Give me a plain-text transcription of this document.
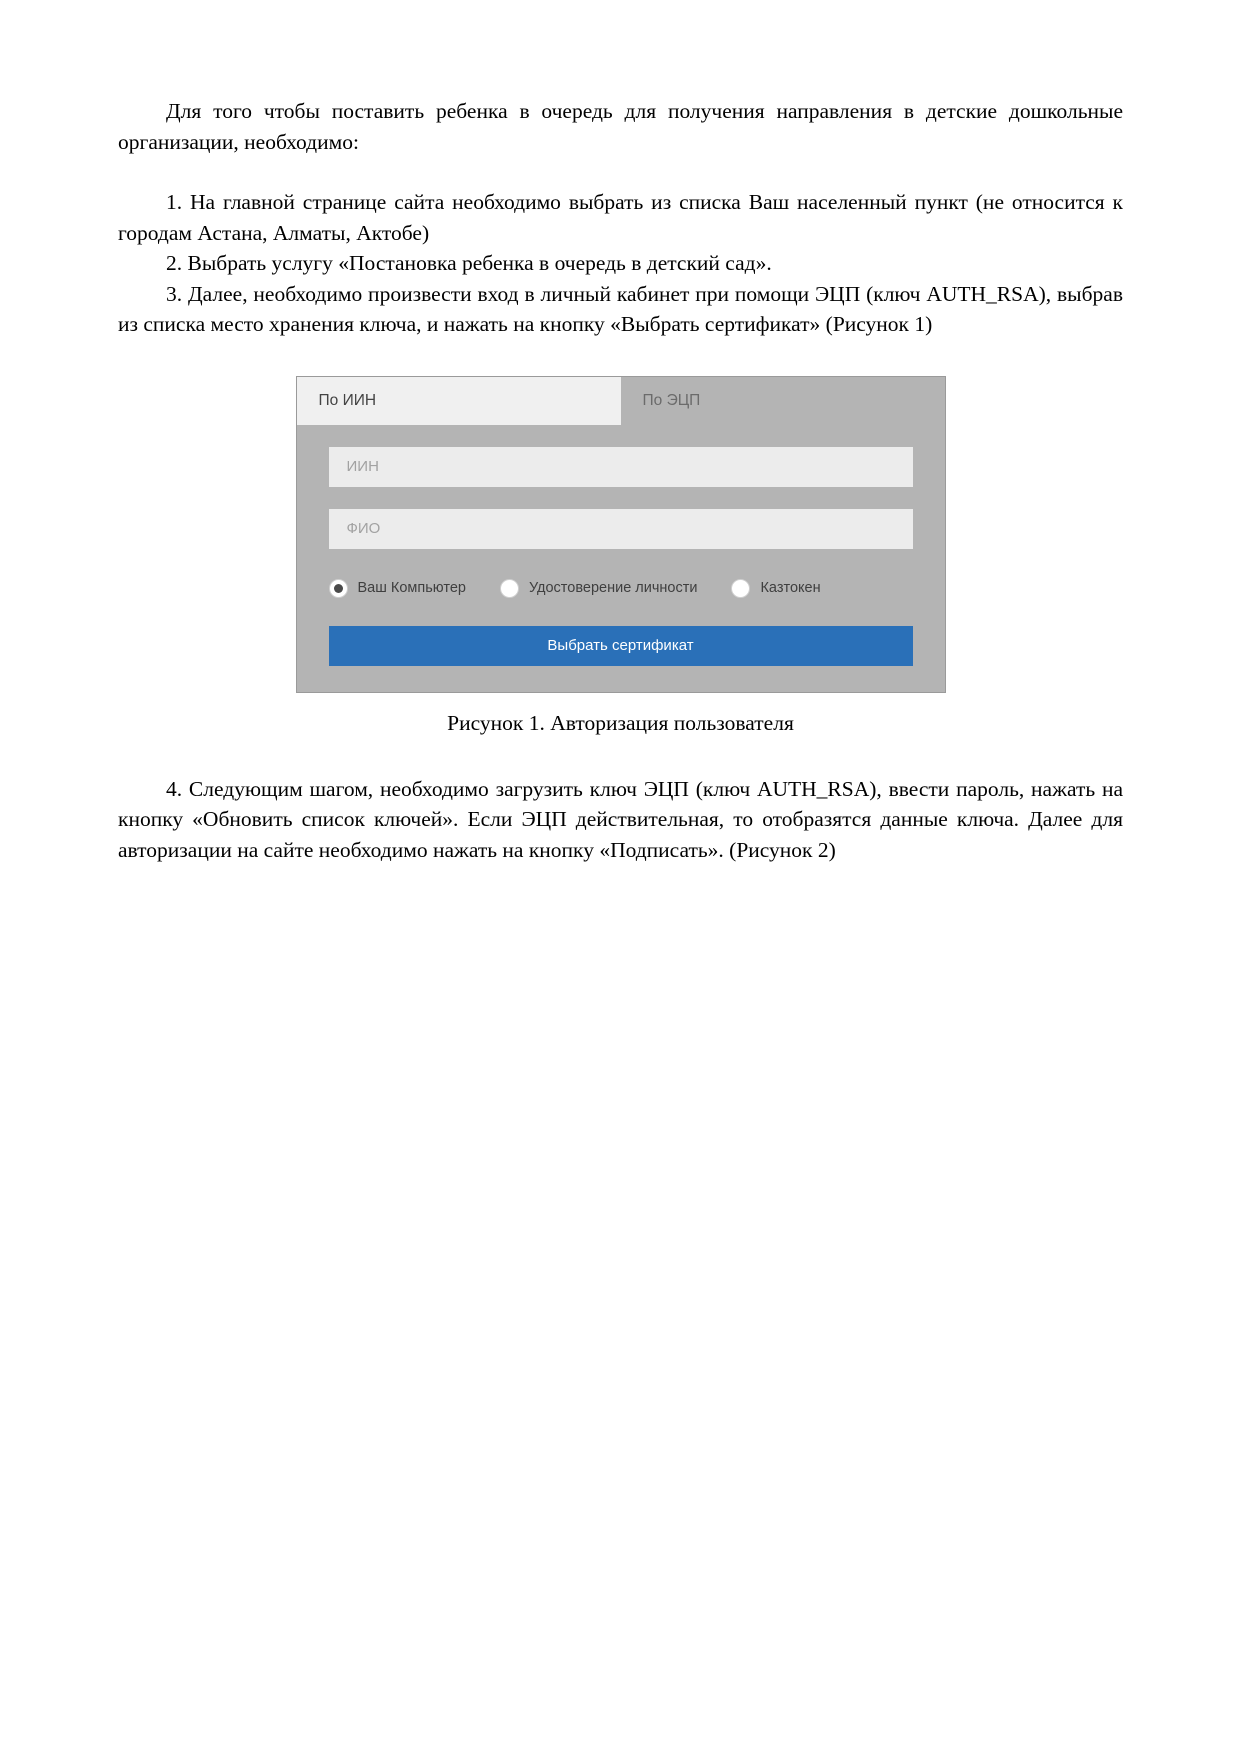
Для того чтобы поставить ребенка в очередь для получения направления в детские дошкольные организации, необходимо:

1. На главной странице сайта необходимо выбрать из списка Ваш населенный пункт (не относится к городам Астана, Алматы, Актобе)

2. Выбрать услугу «Постановка ребенка в очередь в детский сад».

3. Далее, необходимо произвести вход в личный кабинет при помощи ЭЦП (ключ AUTH_RSA), выбрав из списка место хранения ключа, и нажать на кнопку «Выбрать сертификат» (Рисунок 1)

По ИИН	По ЭЦП
ИИН
ФИО
Ваш Компьютер	Удостоверение личности	Казтокен
Выбрать сертификат
Рисунок 1. Авторизация пользователя

4. Следующим шагом, необходимо загрузить ключ ЭЦП (ключ AUTH_RSA), ввести пароль, нажать на кнопку «Обновить список ключей». Если ЭЦП действительная, то отобразятся данные ключа. Далее для авторизации на сайте необходимо нажать на кнопку «Подписать». (Рисунок 2)
